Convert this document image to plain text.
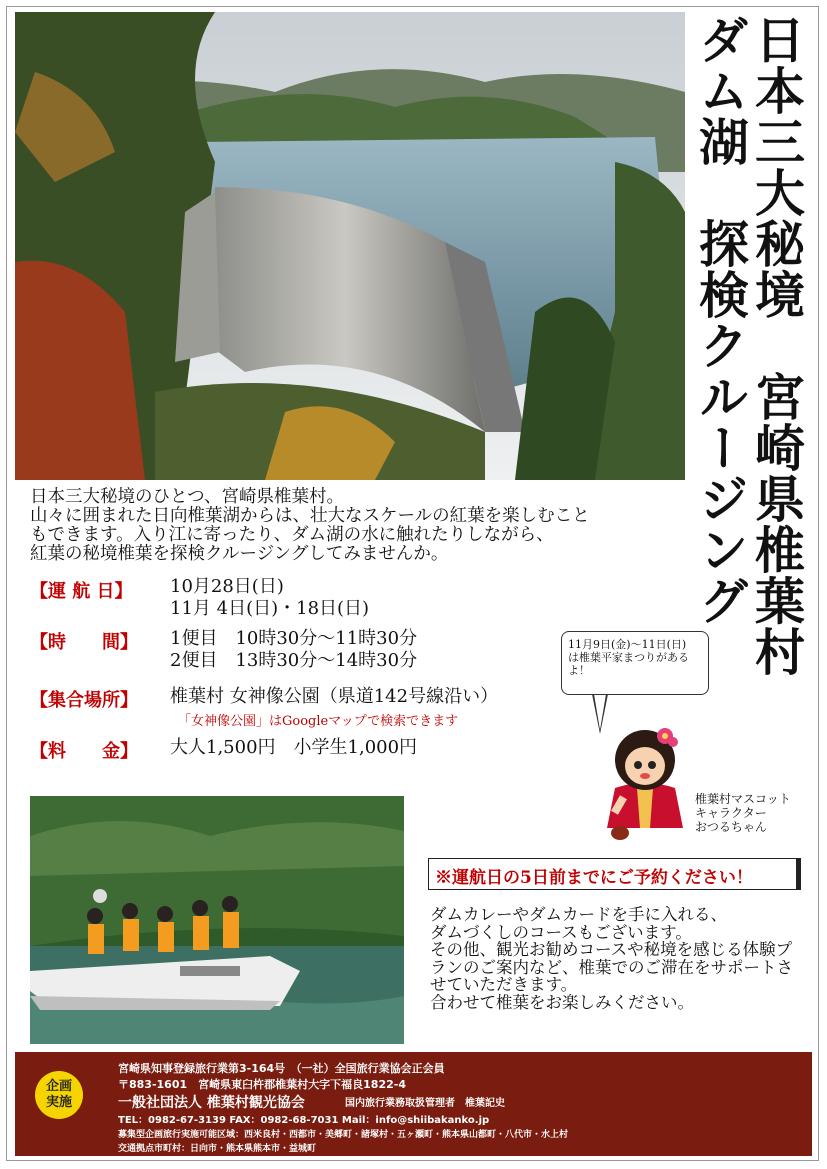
日本三大秘境　宮崎県椎葉村
ダム湖　探検クルージング
日本三大秘境のひとつ、宮崎県椎葉村。
山々に囲まれた日向椎葉湖からは、壮大なスケールの紅葉を楽しむこと
もできます。入り江に寄ったり、ダム湖の水に触れたりしながら、
紅葉の秘境椎葉を探検クルージングしてみませんか。
【運 航 日】 10月28日(日)
11月 4日(日)・18日(日)
【時　　間】 1便目　10時30分～11時30分
2便目　13時30分～14時30分
【集合場所】 椎葉村 女神像公園（県道142号線沿い）
「女神像公園」はGoogleマップで検索できます
【料　　金】 大人1,500円　小学生1,000円
11月9日(金)～11日(日)
は椎葉平家まつりがある
よ！
椎葉村マスコット
キャラクター
おつるちゃん
※運航日の5日前までにご予約ください！
ダムカレーやダムカードを手に入れる、
ダムづくしのコースもございます。
その他、観光お勧めコースや秘境を感じる体験プ
ランのご案内など、椎葉でのご滞在をサポートさ
せていただきます。
合わせて椎葉をお楽しみください。
宮崎県知事登録旅行業第3-164号　（一社）全国旅行業協会正会員
〒883-1601　宮崎県東臼杵郡椎葉村大字下福良1822-4
一般社団法人 椎葉村観光協会	国内旅行業務取扱管理者　椎葉記史
TEL：0982-67-3139 FAX：0982-68-7031 Mail：info@shiibakanko.jp
募集型企画旅行実施可能区域：西米良村・西都市・美郷町・諸塚村・五ヶ瀬町・熊本県山都町・八代市・水上村
交通拠点市町村：日向市・熊本県熊本市・益城町
企画
実施
